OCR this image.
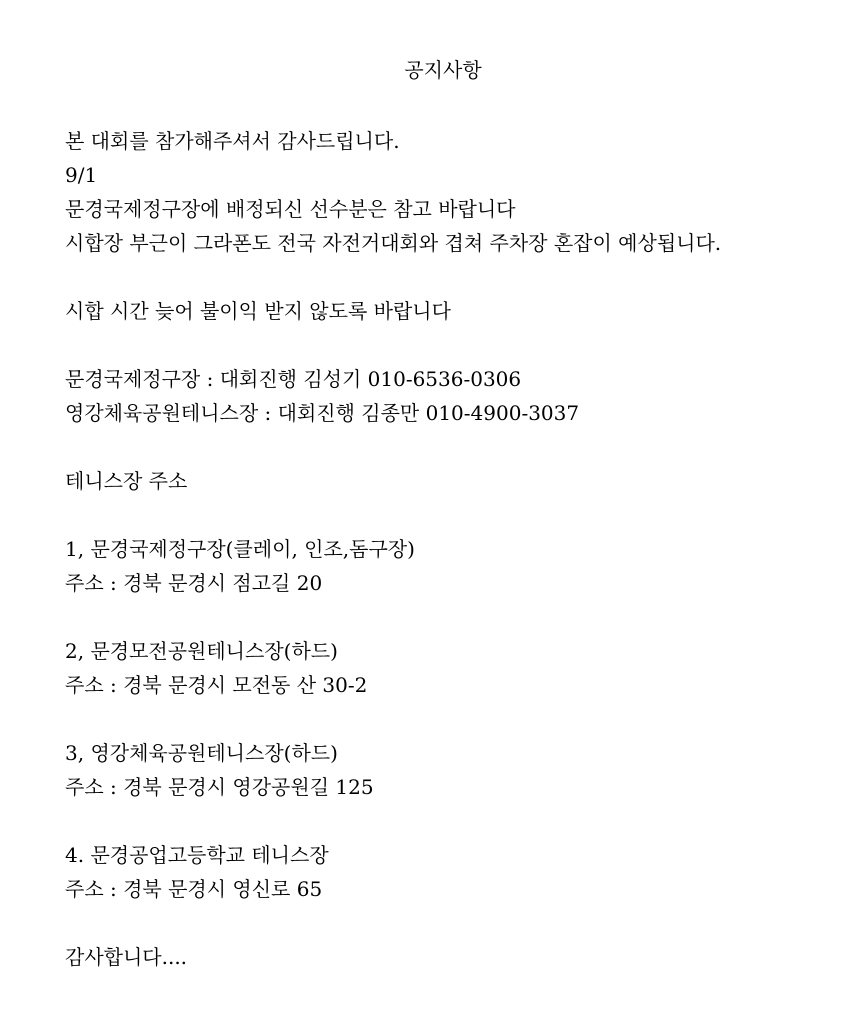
공지사항
본 대회를 참가해주셔서 감사드립니다.
9/1
문경국제정구장에 배정되신 선수분은 참고 바랍니다
시합장 부근이 그라폰도 전국 자전거대회와 겹쳐 주차장 혼잡이 예상됩니다.
시합 시간 늦어 불이익 받지 않도록 바랍니다
문경국제정구장 : 대회진행 김성기 010-6536-0306
영강체육공원테니스장 : 대회진행 김종만 010-4900-3037
테니스장 주소
1, 문경국제정구장(클레이, 인조,돔구장)
주소 : 경북 문경시 점고길 20
2, 문경모전공원테니스장(하드)
주소 : 경북 문경시 모전동 산 30-2
3, 영강체육공원테니스장(하드)
주소 : 경북 문경시 영강공원길 125
4. 문경공업고등학교 테니스장
주소 : 경북 문경시 영신로 65
감사합니다....
